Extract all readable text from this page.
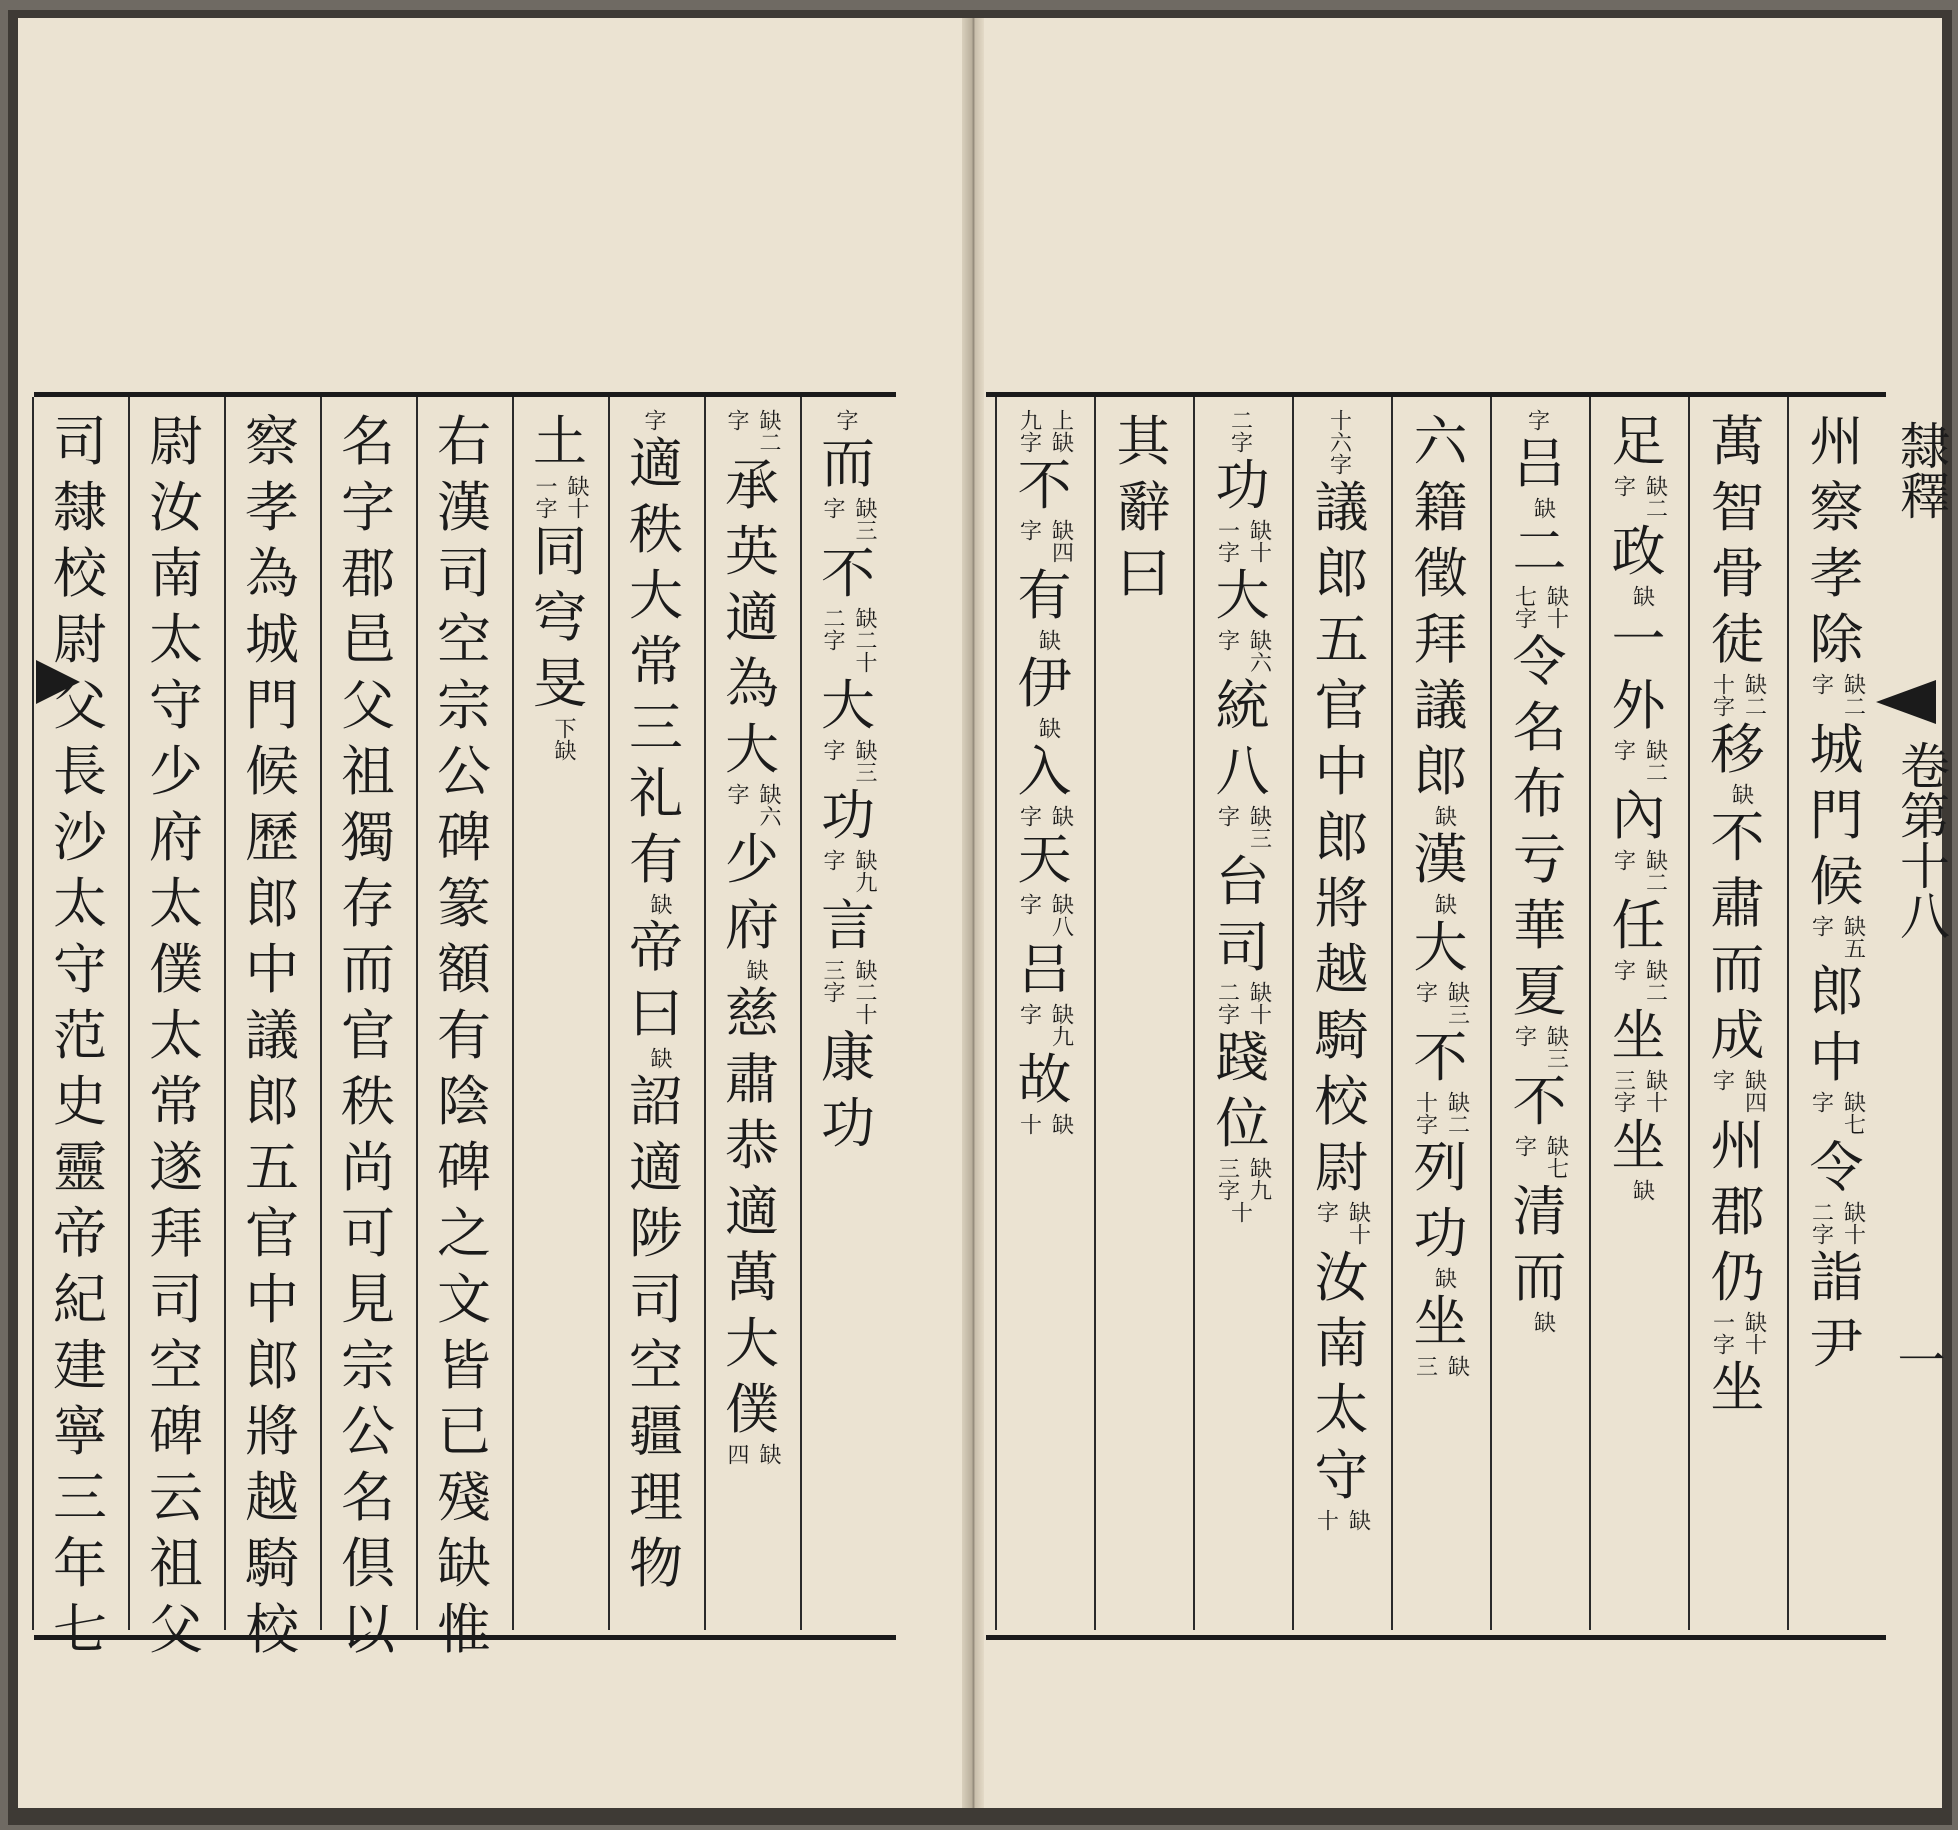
隸釋
卷第十八
一
州
察
孝
除
缺二
字
城
門
候
缺五
字
郎
中
缺七
字
令
缺十
二字
詣
尹
萬
智
骨
徒
缺二
十字
移
缺
不
肅
而
成
缺四
字
州
郡
仍
缺十
一字
坐
足
缺二
字
政
缺
一
外
缺二
字
內
缺二
字
任
缺二
字
坐
缺十
三字
坐
缺
字
吕
缺
二
缺十
七字
令
名
布
亏
華
夏
缺三
字
不
缺七
字
清
而
缺
六
籍
徵
拜
議
郎
缺
漢
缺
大
缺三
字
不
缺二
十字
列
功
缺
坐
缺
三
十六字
議
郎
五
官
中
郎
將
越
騎
校
尉
缺十
字
汝
南
太
守
缺
十
二字
功
缺十
一字
大
缺六
字
統
八
缺三
字
台
司
缺十
二字
踐
位
缺九
三字
十
其
辭
曰
上缺
九字
不
缺四
字
有
缺
伊
缺
入
缺
字
天
缺八
字
吕
缺九
字
故
缺
十
字
而
缺三
字
不
缺二十
二字
大
缺三
字
功
缺九
字
言
缺二十
三字
康
功
缺二
字
承
英
適
為
大
缺六
字
少
府
缺
慈
肅
恭
適
萬
大
僕
缺
四
字
適
秩
大
常
三
礼
有
缺
帝
曰
缺
詔
適
陟
司
空
疆
理
物
土
缺十
一字
同
穹
旻
下缺
右
漢
司
空
宗
公
碑
篆
額
有
陰
碑
之
文
皆
已
殘
缺
惟
名
字
郡
邑
父
祖
獨
存
而
官
秩
尚
可
見
宗
公
名
倶
以
察
孝
為
城
門
候
歷
郎
中
議
郎
五
官
中
郎
將
越
騎
校
尉
汝
南
太
守
少
府
太
僕
太
常
遂
拜
司
空
碑
云
祖
父
司
隸
校
尉
父
長
沙
太
守
范
史
靈
帝
紀
建
寧
三
年
七
